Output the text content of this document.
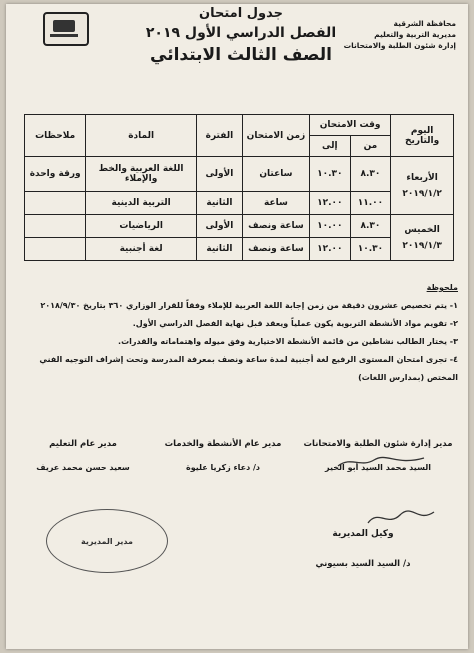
جدول امتحان
الفصل الدراسي الأول ٢٠١٩
الصف الثالث الابتدائي
محافظة الشرقية
مديرية التربية والتعليم
إدارة شئون الطلبة والامتحانات
اليوم والتاريخ	وقت الامتحان		زمن الامتحان	الفترة	المادة	ملاحظات
	من	إلى				

الأربعاء
٢٠١٩/١/٢	٨.٣٠	١٠.٣٠	ساعتان	الأولى	اللغة العربية والخط والإملاء	ورقة واحدة
	١١.٠٠	١٢.٠٠	ساعة	الثانية	التربية الدينية	

الخميس
٢٠١٩/١/٣	٨.٣٠	١٠.٠٠	ساعة ونصف	الأولى	الرياضيات	
	١٠.٣٠	١٢.٠٠	ساعة ونصف	الثانية	لغة أجنبية	
ملحوظة
١- يتم تخصيص عشرون دقيقة من زمن إجابة اللغة العربية للإملاء وفقاً للقرار الوزاري ٣٦٠ بتاريخ ٢٠١٨/٩/٣٠
٢- تقويم مواد الأنشطة التربوية يكون عملياً ويعقد قبل نهاية الفصل الدراسي الأول.
٣- يختار الطالب نشاطين من قائمة الأنشطة الاختيارية وفق ميوله واهتماماته والقدرات.
٤- تجرى امتحان المستوى الرفيع لغة أجنبية لمدة ساعة ونصف بمعرفة المدرسة وتحت إشراف التوجيه الفني المختص (بمدارس اللغات)
مدير إدارة شئون الطلبة والامتحانات
السيد محمد السيد أبو الخير
مدير عام الأنشطة والخدمات
د/ دعاء زكريا عليوة
مدير عام التعليم
سعيد حسن محمد عريف
وكيل المديرية
د/ السيد السيد بسيوني
مدير المديرية
